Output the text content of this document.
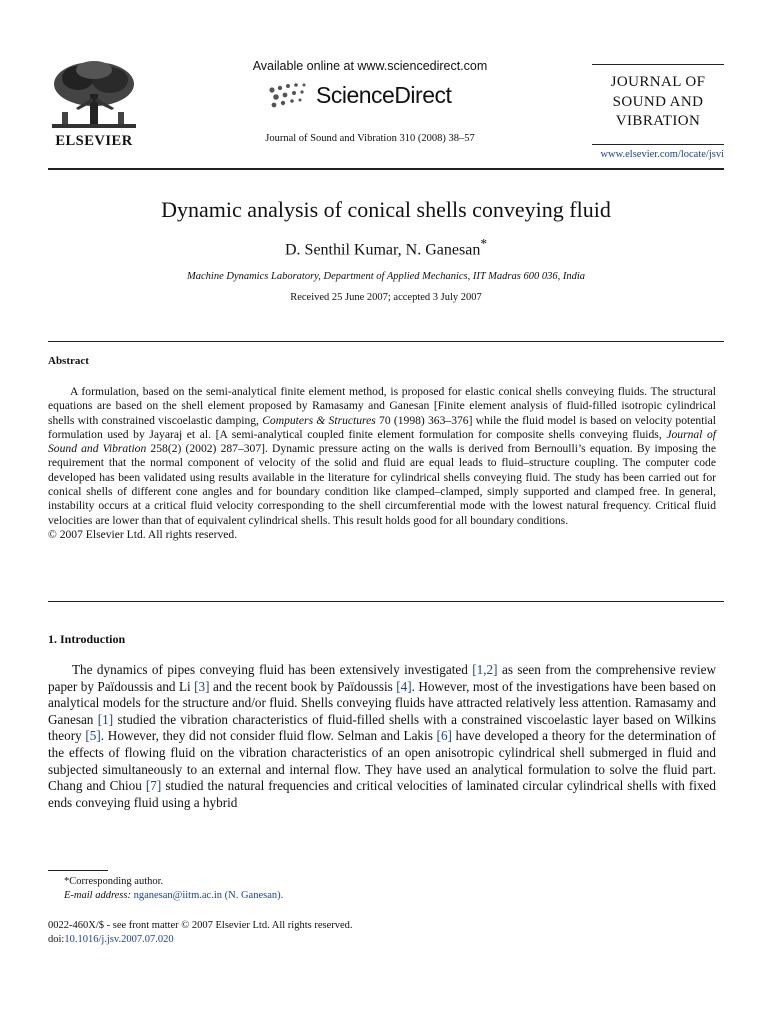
ELSEVIER
Available online at www.sciencedirect.com
ScienceDirect
Journal of Sound and Vibration 310 (2008) 38–57
JOURNAL OF
SOUND AND
VIBRATION
www.elsevier.com/locate/jsvi
Dynamic analysis of conical shells conveying fluid
D. Senthil Kumar, N. Ganesan*
Machine Dynamics Laboratory, Department of Applied Mechanics, IIT Madras 600 036, India
Received 25 June 2007; accepted 3 July 2007
Abstract
A formulation, based on the semi-analytical finite element method, is proposed for elastic conical shells conveying fluids. The structural equations are based on the shell element proposed by Ramasamy and Ganesan [Finite element analysis of fluid-filled isotropic cylindrical shells with constrained viscoelastic damping, Computers & Structures 70 (1998) 363–376] while the fluid model is based on velocity potential formulation used by Jayaraj et al. [A semi-analytical coupled finite element formulation for composite shells conveying fluids, Journal of Sound and Vibration 258(2) (2002) 287–307]. Dynamic pressure acting on the walls is derived from Bernoulli’s equation. By imposing the requirement that the normal component of velocity of the solid and fluid are equal leads to fluid–structure coupling. The computer code developed has been validated using results available in the literature for cylindrical shells conveying fluid. The study has been carried out for conical shells of different cone angles and for boundary condition like clamped–clamped, simply supported and clamped free. In general, instability occurs at a critical fluid velocity corresponding to the shell circumferential mode with the lowest natural frequency. Critical fluid velocities are lower than that of equivalent cylindrical shells. This result holds good for all boundary conditions.
© 2007 Elsevier Ltd. All rights reserved.
1. Introduction
The dynamics of pipes conveying fluid has been extensively investigated [1,2] as seen from the comprehensive review paper by Païdoussis and Li [3] and the recent book by Païdoussis [4]. However, most of the investigations have been based on analytical models for the structure and/or fluid. Shells conveying fluids have attracted relatively less attention. Ramasamy and Ganesan [1] studied the vibration characteristics of fluid-filled shells with a constrained viscoelastic layer based on Wilkins theory [5]. However, they did not consider fluid flow. Selman and Lakis [6] have developed a theory for the determination of the effects of flowing fluid on the vibration characteristics of an open anisotropic cylindrical shell submerged in fluid and subjected simultaneously to an external and internal flow. They have used an analytical formulation to solve the fluid part. Chang and Chiou [7] studied the natural frequencies and critical velocities of laminated circular cylindrical shells with fixed ends conveying fluid using a hybrid
*Corresponding author.
E-mail address: nganesan@iitm.ac.in (N. Ganesan).
0022-460X/$ - see front matter © 2007 Elsevier Ltd. All rights reserved.
doi:10.1016/j.jsv.2007.07.020
